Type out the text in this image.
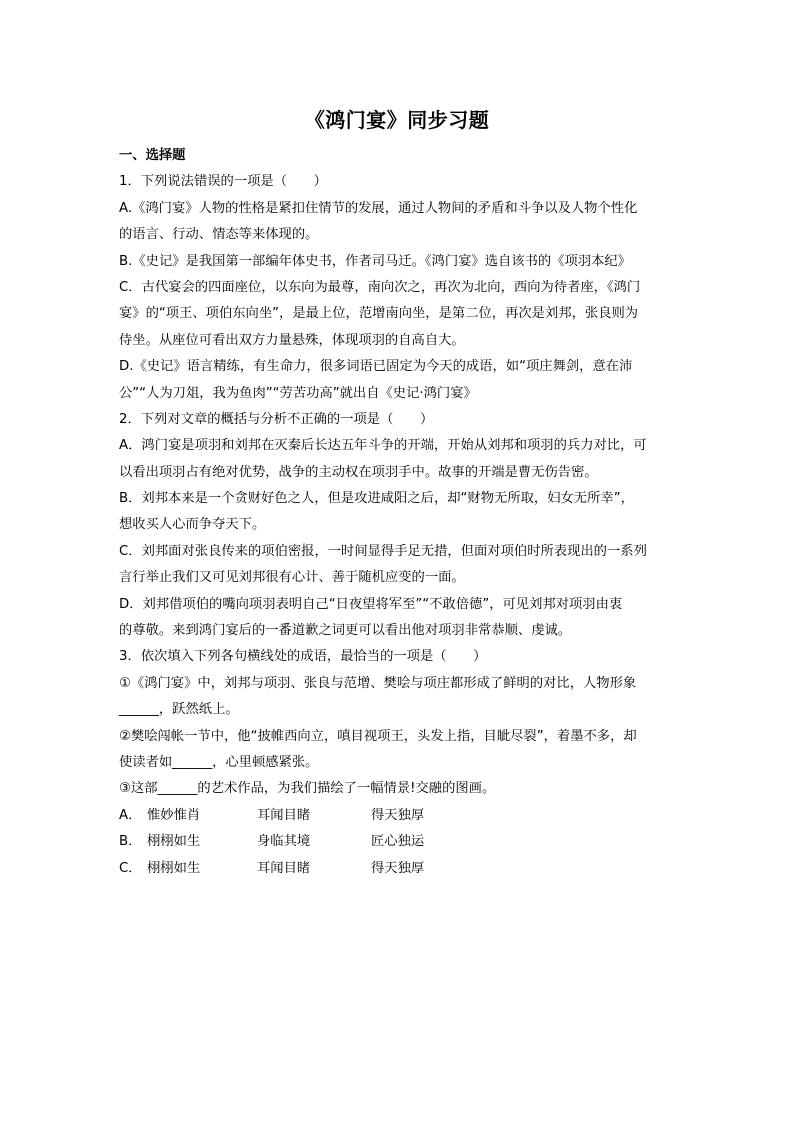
《鸿门宴》同步习题
一、选择题
1．下列说法错误的一项是（　　）
A.《鸿门宴》人物的性格是紧扣住情节的发展，通过人物间的矛盾和斗争以及人物个性化
的语言、行动、情态等来体现的。
B.《史记》是我国第一部编年体史书，作者司马迁。《鸿门宴》选自该书的《项羽本纪》
C．古代宴会的四面座位，以东向为最尊，南向次之，再次为北向，西向为待者座，《鸿门
宴》的“项王、项伯东向坐”，是最上位，范增南向坐，是第二位，再次是刘邦，张良则为
侍坐。从座位可看出双方力量悬殊，体现项羽的自高自大。
D.《史记》语言精练，有生命力，很多词语已固定为今天的成语，如“项庄舞剑，意在沛
公”“人为刀俎，我为鱼肉”“劳苦功高”就出自《史记·鸿门宴》
2．下列对文章的概括与分析不正确的一项是（　　）
A．鸿门宴是项羽和刘邦在灭秦后长达五年斗争的开端，开始从刘邦和项羽的兵力对比，可
以看出项羽占有绝对优势，战争的主动权在项羽手中。故事的开端是曹无伤告密。
B．刘邦本来是一个贪财好色之人，但是攻进咸阳之后，却“财物无所取，妇女无所幸”，
想收买人心而争夺天下。
C．刘邦面对张良传来的项伯密报，一时间显得手足无措，但面对项伯时所表现出的一系列
言行举止我们又可见刘邦很有心计、善于随机应变的一面。
D．刘邦借项伯的嘴向项羽表明自己“日夜望将军至”“不敢倍德”，可见刘邦对项羽由衷
的尊敬。来到鸿门宴后的一番道歉之词更可以看出他对项羽非常恭顺、虔诚。
3．依次填入下列各句横线处的成语，最恰当的一项是（　　）
①《鸿门宴》中，刘邦与项羽、张良与范增、樊哙与项庄都形成了鲜明的对比，人物形象
______，跃然纸上。
②樊哙闯帐一节中，他“披帷西向立，嗔目视项王，头发上指，目眦尽裂”，着墨不多，却
使读者如______，心里顿感紧张。
③这部______的艺术作品，为我们描绘了一幅情景!交融的图画。
A． 惟妙惟肖	耳闻目睹	得天独厚
B． 栩栩如生	身临其境	匠心独运
C． 栩栩如生	耳闻目睹	得天独厚
